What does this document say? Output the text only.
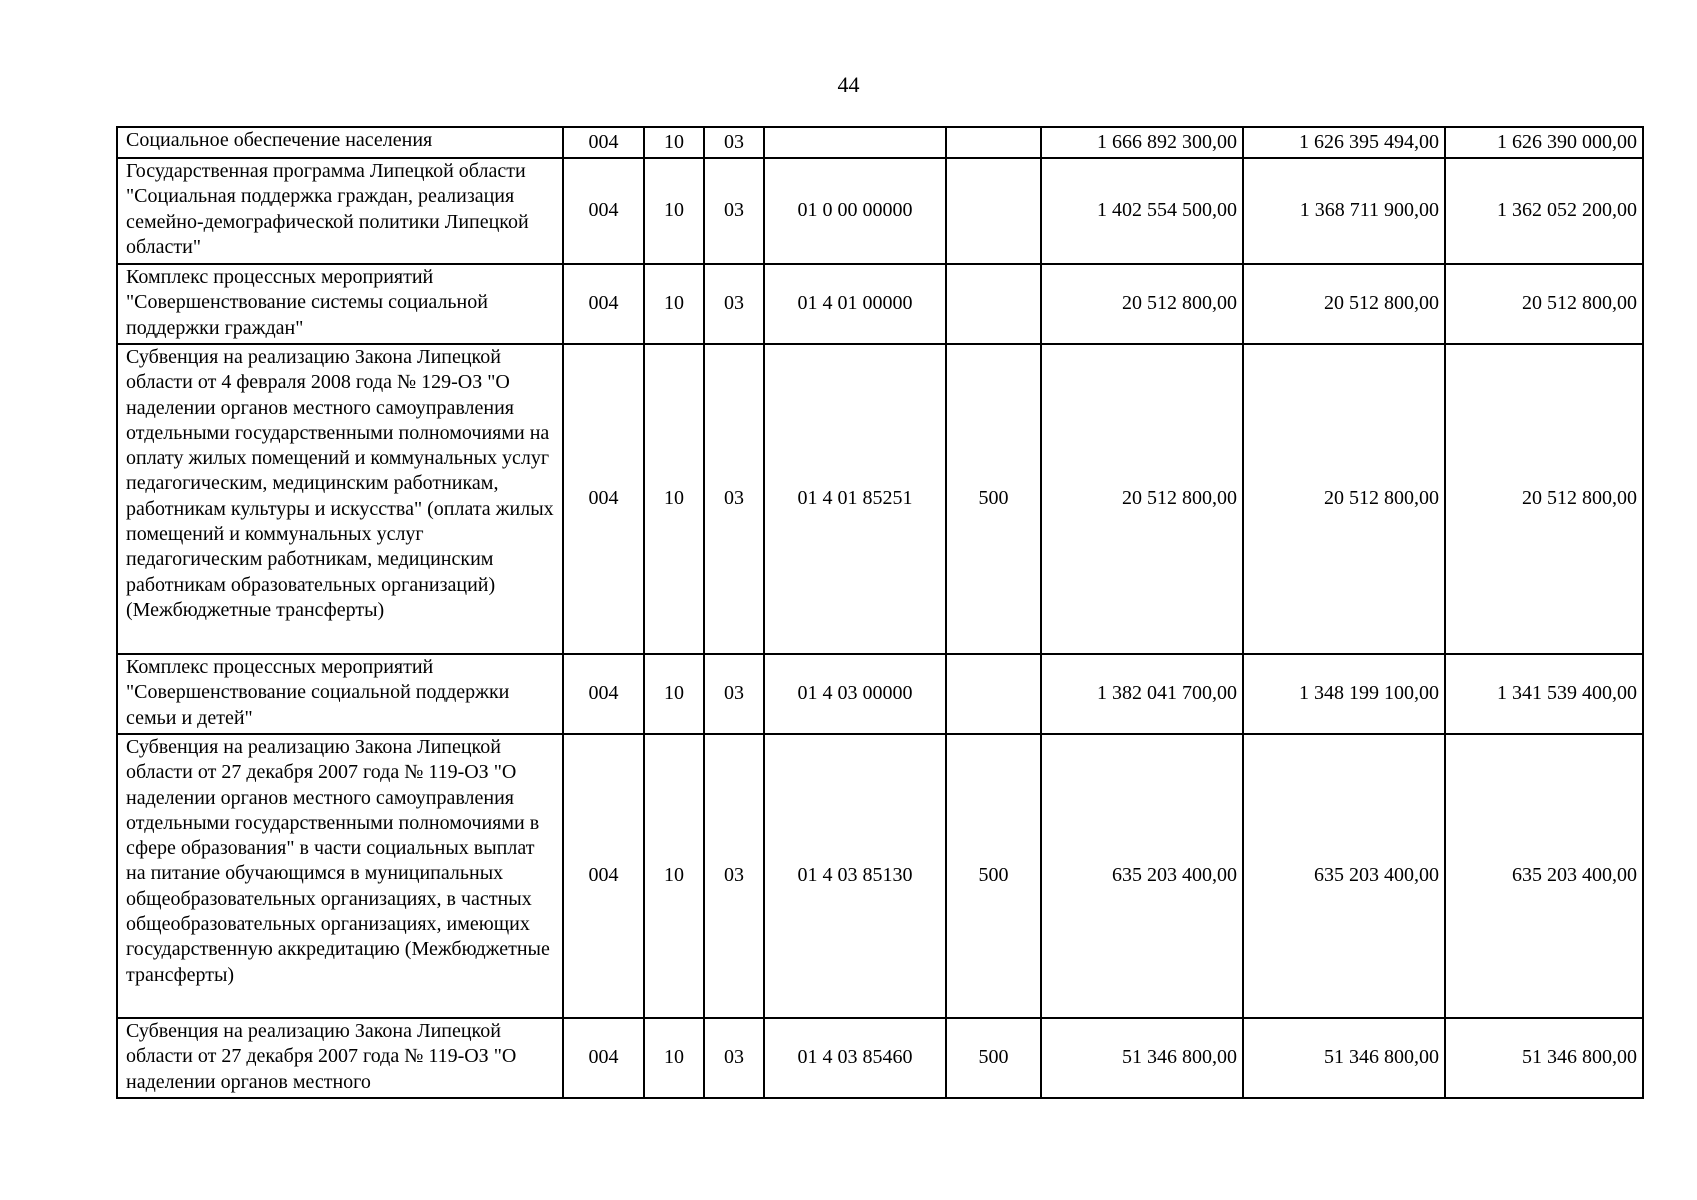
44
Социальное обеспечение населения	004	10	03			1 666 892 300,00	1 626 395 494,00	1 626 390 000,00
Государственная программа Липецкой области "Социальная поддержка граждан, реализация семейно-демографической политики Липецкой области"	004	10	03	01 0 00 00000		1 402 554 500,00	1 368 711 900,00	1 362 052 200,00
Комплекс процессных мероприятий "Совершенствование системы социальной поддержки граждан"	004	10	03	01 4 01 00000		20 512 800,00	20 512 800,00	20 512 800,00
Субвенция на реализацию Закона Липецкой области от 4 февраля 2008 года № 129-ОЗ "О наделении органов местного самоуправления отдельными государственными полномочиями на оплату жилых помещений и коммунальных услуг педагогическим, медицинским работникам, работникам культуры и искусства" (оплата жилых помещений и коммунальных услуг педагогическим работникам, медицинским работникам образовательных организаций) (Межбюджетные трансферты)	004	10	03	01 4 01 85251	500	20 512 800,00	20 512 800,00	20 512 800,00
Комплекс процессных мероприятий "Совершенствование социальной поддержки семьи и детей"	004	10	03	01 4 03 00000		1 382 041 700,00	1 348 199 100,00	1 341 539 400,00
Субвенция на реализацию Закона Липецкой области от 27 декабря 2007 года № 119-ОЗ "О наделении органов местного самоуправления отдельными государственными полномочиями в сфере образования" в части социальных выплат на питание обучающимся в муниципальных общеобразовательных организациях, в частных общеобразовательных организациях, имеющих государственную аккредитацию (Межбюджетные трансферты)	004	10	03	01 4 03 85130	500	635 203 400,00	635 203 400,00	635 203 400,00
Субвенция на реализацию Закона Липецкой области от 27 декабря 2007 года № 119-ОЗ "О наделении органов местного	004	10	03	01 4 03 85460	500	51 346 800,00	51 346 800,00	51 346 800,00
